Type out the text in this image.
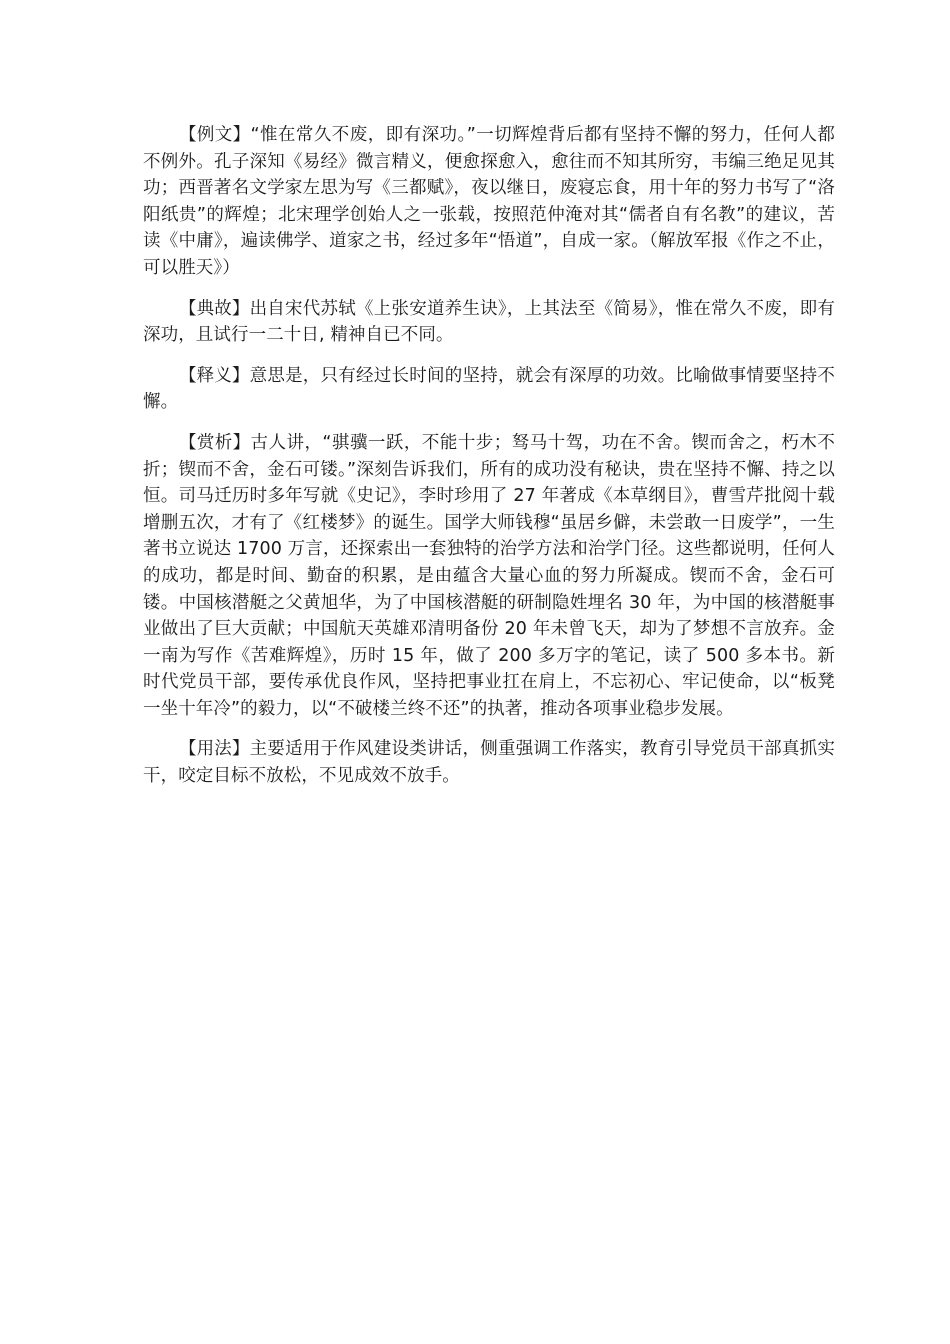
【例文】“惟在常久不废，即有深功。”一切辉煌背后都有坚持不懈的努力，任何人都不例外。孔子深知《易经》微言精义，便愈探愈入，愈往而不知其所穷，韦编三绝足见其功；西晋著名文学家左思为写《三都赋》，夜以继日，废寝忘食，用十年的努力书写了“洛阳纸贵”的辉煌；北宋理学创始人之一张载，按照范仲淹对其“儒者自有名教”的建议，苦读《中庸》，遍读佛学、道家之书，经过多年“悟道”，自成一家。（解放军报《作之不止，可以胜天》）

【典故】出自宋代苏轼《上张安道养生诀》，上其法至《简易》，惟在常久不废，即有深功，且试行一二十日, 精神自已不同。

【释义】意思是，只有经过长时间的坚持，就会有深厚的功效。比喻做事情要坚持不懈。

【赏析】古人讲，“骐骥一跃，不能十步；驽马十驾，功在不舍。锲而舍之，朽木不折；锲而不舍，金石可镂。”深刻告诉我们，所有的成功没有秘诀，贵在坚持不懈、持之以恒。司马迁历时多年写就《史记》，李时珍用了 27 年著成《本草纲目》，曹雪芹批阅十载增删五次，才有了《红楼梦》的诞生。国学大师钱穆“虽居乡僻，未尝敢一日废学”，一生著书立说达 1700 万言，还探索出一套独特的治学方法和治学门径。这些都说明，任何人的成功，都是时间、勤奋的积累，是由蕴含大量心血的努力所凝成。锲而不舍，金石可镂。中国核潜艇之父黄旭华，为了中国核潜艇的研制隐姓埋名 30 年，为中国的核潜艇事业做出了巨大贡献；中国航天英雄邓清明备份 20 年未曾飞天，却为了梦想不言放弃。金一南为写作《苦难辉煌》，历时 15 年，做了 200 多万字的笔记，读了 500 多本书。新时代党员干部，要传承优良作风，坚持把事业扛在肩上，不忘初心、牢记使命，以“板凳一坐十年冷”的毅力，以“不破楼兰终不还”的执著，推动各项事业稳步发展。

【用法】主要适用于作风建设类讲话，侧重强调工作落实，教育引导党员干部真抓实干，咬定目标不放松，不见成效不放手。
